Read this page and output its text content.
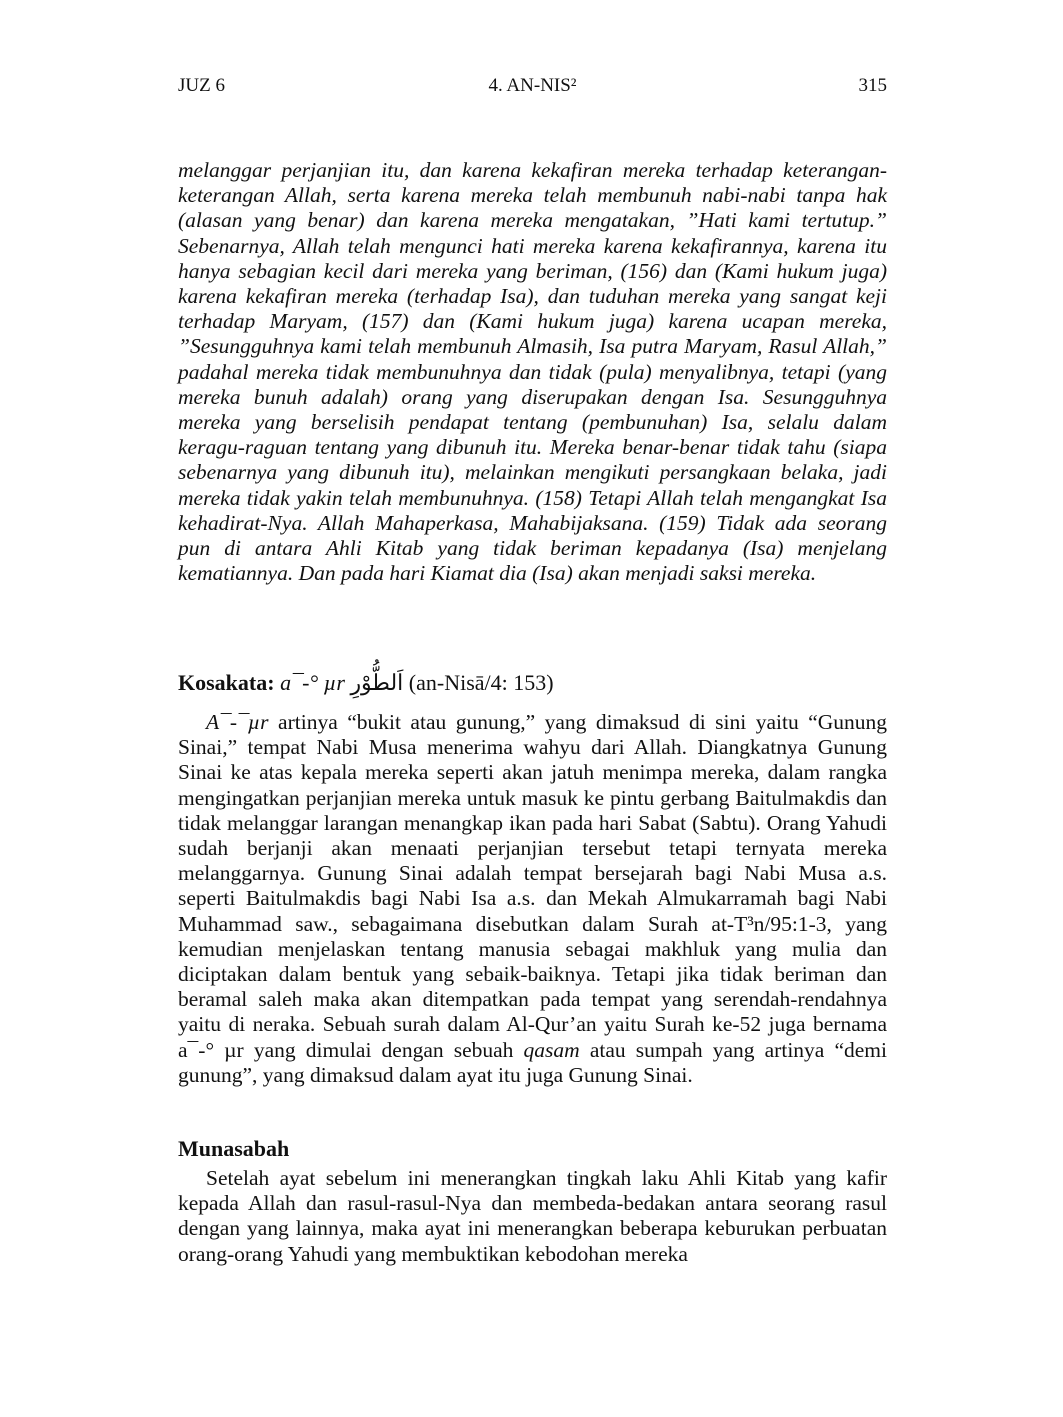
JUZ 6	4. AN-NIS²	315

melanggar perjanjian itu, dan karena kekafiran mereka terhadap keterangan-keterangan Allah, serta karena mereka telah membunuh nabi-nabi tanpa hak (alasan yang benar) dan karena mereka mengatakan, ”Hati kami tertutup.” Sebenarnya, Allah telah mengunci hati mereka karena kekafirannya, karena itu hanya sebagian kecil dari mereka yang beriman, (156) dan (Kami hukum juga) karena kekafiran mereka (terhadap Isa), dan tuduhan mereka yang sangat keji terhadap Maryam, (157) dan (Kami hukum juga) karena ucapan mereka, ”Sesungguhnya kami telah membunuh Almasih, Isa putra Maryam, Rasul Allah,” padahal mereka tidak membunuhnya dan tidak (pula) menyalibnya, tetapi (yang mereka bunuh adalah) orang yang diserupakan dengan Isa. Sesungguhnya mereka yang berselisih pendapat tentang (pembunuhan) Isa, selalu dalam keragu-raguan tentang yang dibunuh itu. Mereka benar-benar tidak tahu (siapa sebenarnya yang dibunuh itu), melainkan mengikuti persangkaan belaka, jadi mereka tidak yakin telah membunuhnya. (158) Tetapi Allah telah mengangkat Isa kehadirat-Nya. Allah Mahaperkasa, Mahabijaksana. (159) Tidak ada seorang pun di antara Ahli Kitab yang tidak beriman kepadanya (Isa) menjelang kematiannya. Dan pada hari Kiamat dia (Isa) akan menjadi saksi mereka.

Kosakata: a¯-° µr اَلطُّوْرِ (an-Nisā/4: 153)

A¯-¯µr artinya “bukit atau gunung,” yang dimaksud di sini yaitu “Gunung Sinai,” tempat Nabi Musa menerima wahyu dari Allah. Diangkatnya Gunung Sinai ke atas kepala mereka seperti akan jatuh menimpa mereka, dalam rangka mengingatkan perjanjian mereka untuk masuk ke pintu gerbang Baitulmakdis dan tidak melanggar larangan menangkap ikan pada hari Sabat (Sabtu). Orang Yahudi sudah berjanji akan menaati perjanjian tersebut tetapi ternyata mereka melanggarnya. Gunung Sinai adalah tempat bersejarah bagi Nabi Musa a.s. seperti Baitulmakdis bagi Nabi Isa a.s. dan Mekah Almukarramah bagi Nabi Muhammad saw., sebagaimana disebutkan dalam Surah at-T³n/95:1-3, yang kemudian menjelaskan tentang manusia sebagai makhluk yang mulia dan diciptakan dalam bentuk yang sebaik-baiknya. Tetapi jika tidak beriman dan beramal saleh maka akan ditempatkan pada tempat yang serendah-rendahnya yaitu di neraka. Sebuah surah dalam Al-Qur’an yaitu Surah ke-52 juga bernama a¯-° µr yang dimulai dengan sebuah qasam atau sumpah yang artinya “demi gunung”, yang dimaksud dalam ayat itu juga Gunung Sinai.

Munasabah

Setelah ayat sebelum ini menerangkan tingkah laku Ahli Kitab yang kafir kepada Allah dan rasul-rasul-Nya dan membeda-bedakan antara seorang rasul dengan yang lainnya, maka ayat ini menerangkan beberapa keburukan perbuatan orang-orang Yahudi yang membuktikan kebodohan mereka
